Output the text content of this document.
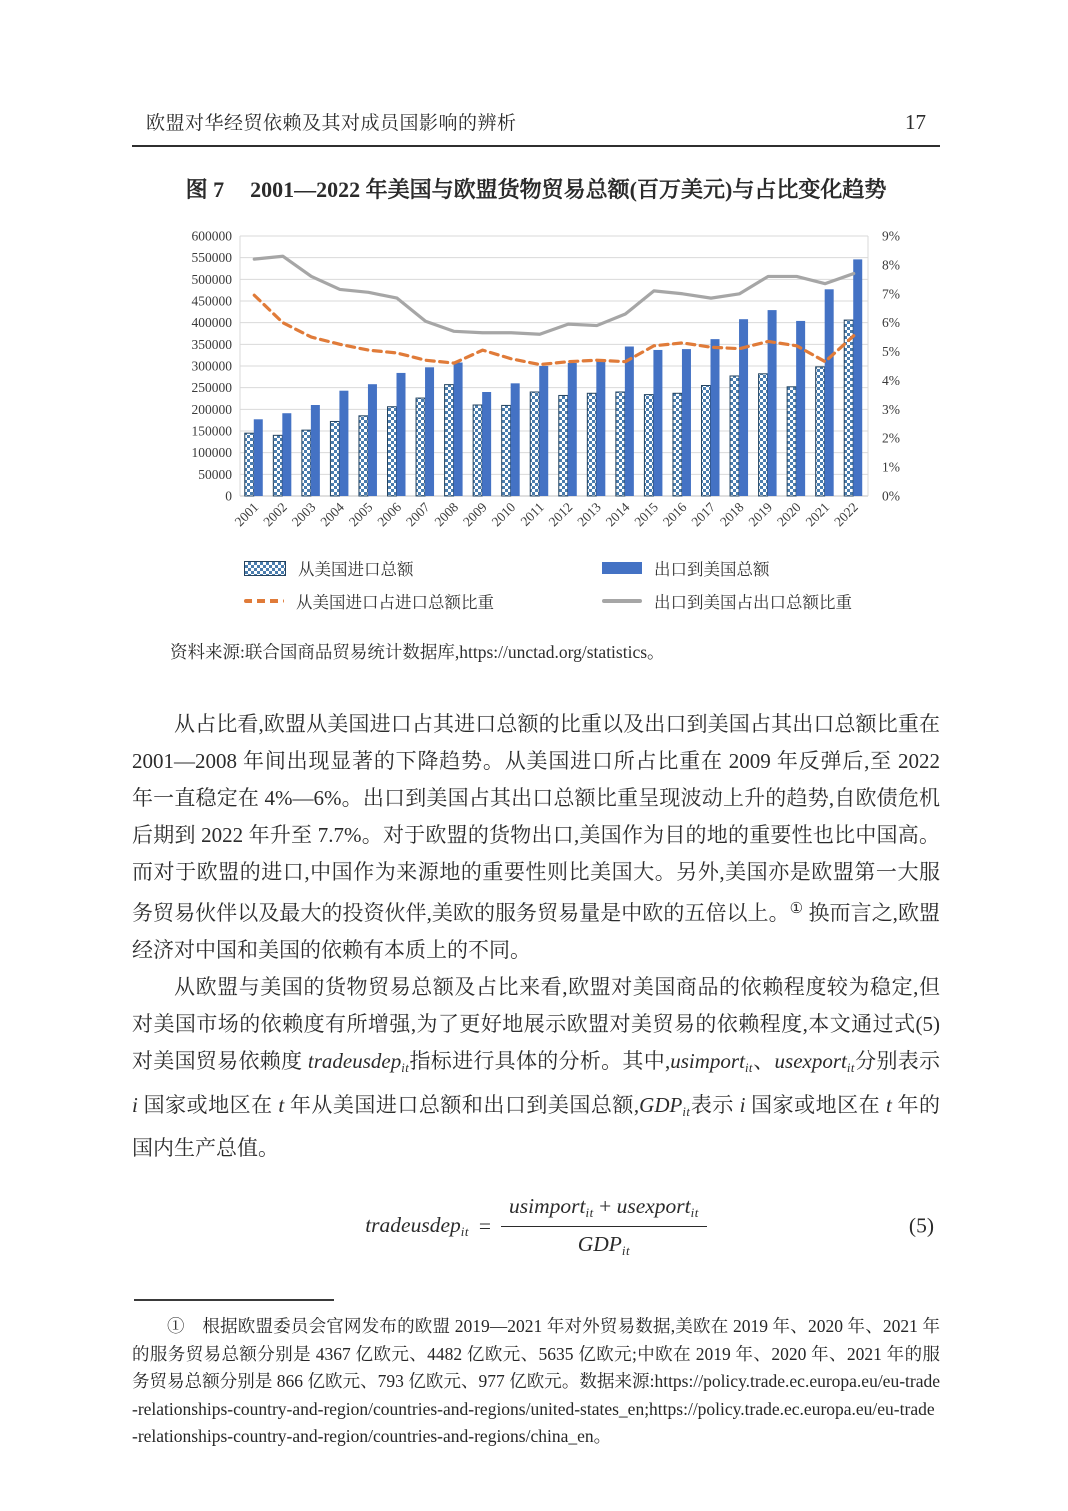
欧盟对华经贸依赖及其对成员国影响的辨析	17
图 7 2001—2022 年美国与欧盟货物贸易总额(百万美元)与占比变化趋势
0
50000
100000
150000
200000
250000
300000
350000
400000
450000
500000
550000
600000
0%
1%
2%
3%
4%
5%
6%
7%
8%
9%
2001
2002
2003
2004
2005
2006
2007
2008
2009
2010 2011
2012
2013
2014
2015
2016
2017
2018
2019
2020
2021
2022
从美国进口总额	出口到美国总额
从美国进口占进口总额比重	出口到美国占出口总额比重
资料来源:联合国商品贸易统计数据库,https://unctad.org/statistics。

从占比看,欧盟从美国进口占其进口总额的比重以及出口到美国占其出口总额比重在 2001—2008 年间出现显著的下降趋势。从美国进口所占比重在 2009 年反弹后,至 2022 年一直稳定在 4%—6%。出口到美国占其出口总额比重呈现波动上升的趋势,自欧债危机后期到 2022 年升至 7.7%。对于欧盟的货物出口,美国作为目的地的重要性也比中国高。而对于欧盟的进口,中国作为来源地的重要性则比美国大。另外,美国亦是欧盟第一大服务贸易伙伴以及最大的投资伙伴,美欧的服务贸易量是中欧的五倍以上。① 换而言之,欧盟经济对中国和美国的依赖有本质上的不同。

从欧盟与美国的货物贸易总额及占比来看,欧盟对美国商品的依赖程度较为稳定,但对美国市场的依赖度有所增强,为了更好地展示欧盟对美贸易的依赖程度,本文通过式(5)对美国贸易依赖度 tradeusdepit指标进行具体的分析。其中,usimportit、usexportit分别表示 i 国家或地区在 t 年从美国进口总额和出口到美国总额,GDPit表示 i 国家或地区在 t 年的国内生产总值。

tradeusdepit = $\frac{\text{usimportit + usexportit}}{\text{GDPit}}$	(5)

①　根据欧盟委员会官网发布的欧盟 2019—2021 年对外贸易数据,美欧在 2019 年、2020 年、2021 年的服务贸易总额分别是 4367 亿欧元、4482 亿欧元、5635 亿欧元;中欧在 2019 年、2020 年、2021 年的服务贸易总额分别是 866 亿欧元、793 亿欧元、977 亿欧元。数据来源:https://policy.trade.ec.europa.eu/eu-trade-relationships-country-and-region/countries-and-regions/united-states_en;https://policy.trade.ec.europa.eu/eu-trade-relationships-country-and-region/countries-and-regions/china_en。
